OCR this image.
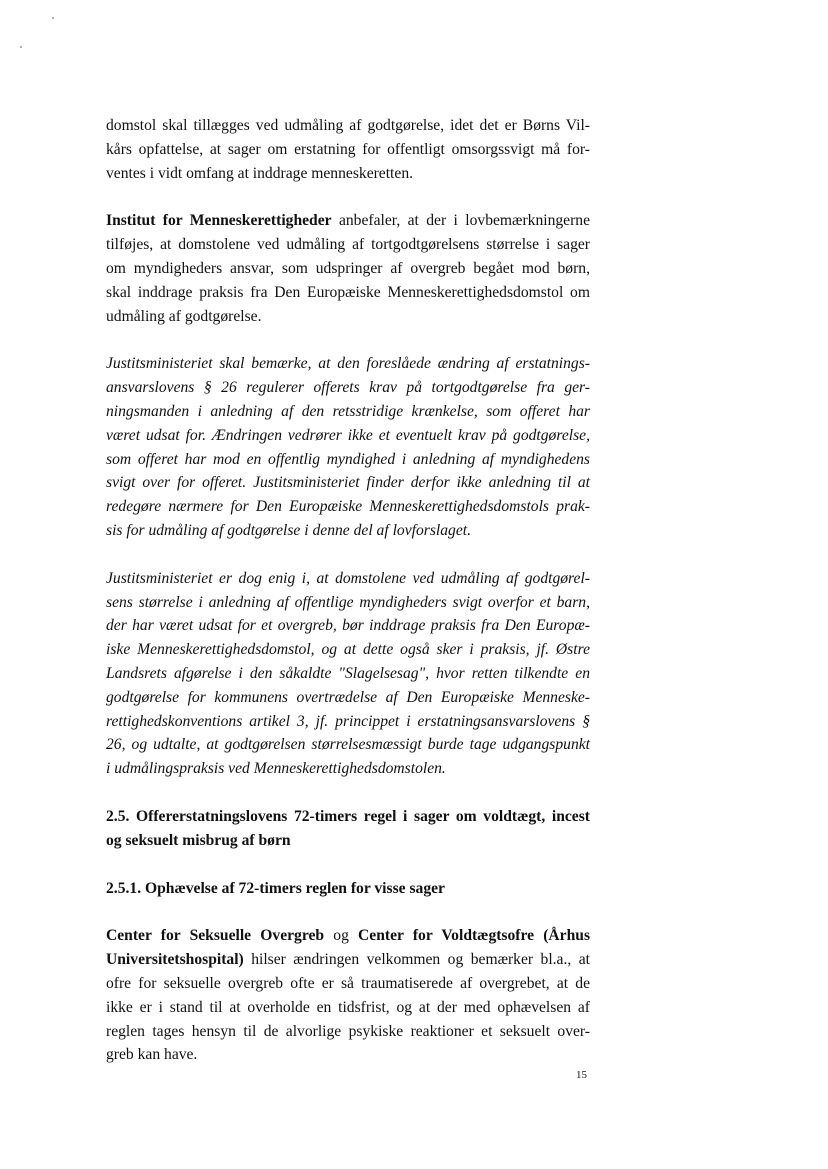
domstol skal tillægges ved udmåling af godtgørelse, idet det er Børns Vil-
kårs opfattelse, at sager om erstatning for offentligt omsorgssvigt må for-
ventes i vidt omfang at inddrage menneskeretten.
Institut for Menneskerettigheder anbefaler, at der i lovbemærkningerne
tilføjes, at domstolene ved udmåling af tortgodtgørelsens størrelse i sager
om myndigheders ansvar, som udspringer af overgreb begået mod børn,
skal inddrage praksis fra Den Europæiske Menneskerettighedsdomstol om
udmåling af godtgørelse.
Justitsministeriet skal bemærke, at den foreslåede ændring af erstatnings-
ansvarslovens § 26 regulerer offerets krav på tortgodtgørelse fra ger-
ningsmanden i anledning af den retsstridige krænkelse, som offeret har
været udsat for. Ændringen vedrører ikke et eventuelt krav på godtgørelse,
som offeret har mod en offentlig myndighed i anledning af myndighedens
svigt over for offeret. Justitsministeriet finder derfor ikke anledning til at
redegøre nærmere for Den Europæiske Menneskerettighedsdomstols prak-
sis for udmåling af godtgørelse i denne del af lovforslaget.
Justitsministeriet er dog enig i, at domstolene ved udmåling af godtgørel-
sens størrelse i anledning af offentlige myndigheders svigt overfor et barn,
der har været udsat for et overgreb, bør inddrage praksis fra Den Europæ-
iske Menneskerettighedsdomstol, og at dette også sker i praksis, jf. Østre
Landsrets afgørelse i den såkaldte "Slagelsesag", hvor retten tilkendte en
godtgørelse for kommunens overtrædelse af Den Europæiske Menneske-
rettighedskonventions artikel 3, jf. princippet i erstatningsansvarslovens §
26, og udtalte, at godtgørelsen størrelsesmæssigt burde tage udgangspunkt
i udmålingspraksis ved Menneskerettighedsdomstolen.
2.5. Offererstatningslovens 72-timers regel i sager om voldtægt, incest
og seksuelt misbrug af børn
2.5.1. Ophævelse af 72-timers reglen for visse sager
Center for Seksuelle Overgreb og Center for Voldtægtsofre (Århus
Universitetshospital) hilser ændringen velkommen og bemærker bl.a., at
ofre for seksuelle overgreb ofte er så traumatiserede af overgrebet, at de
ikke er i stand til at overholde en tidsfrist, og at der med ophævelsen af
reglen tages hensyn til de alvorlige psykiske reaktioner et seksuelt over-
greb kan have.
15
